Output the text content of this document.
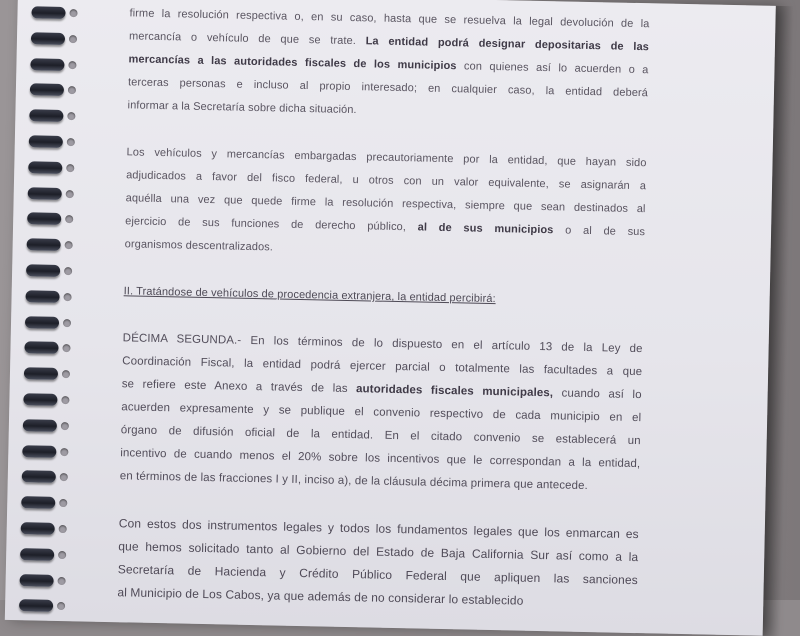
firme la resolución respectiva o, en su caso, hasta que se resuelva la legal devolución de la
mercancía o vehículo de que se trate. La entidad podrá designar depositarias de las
mercancías a las autoridades fiscales de los municipios con quienes así lo acuerden o a
terceras personas e incluso al propio interesado; en cualquier caso, la entidad deberá
informar a la Secretaría sobre dicha situación.
Los vehículos y mercancías embargadas precautoriamente por la entidad, que hayan sido
adjudicados a favor del fisco federal, u otros con un valor equivalente, se asignarán a
aquélla una vez que quede firme la resolución respectiva, siempre que sean destinados al
ejercicio de sus funciones de derecho público, al de sus municipios o al de sus
organismos descentralizados.
II. Tratándose de vehículos de procedencia extranjera, la entidad percibirá:
DÉCIMA SEGUNDA.- En los términos de lo dispuesto en el artículo 13 de la Ley de
Coordinación Fiscal, la entidad podrá ejercer parcial o totalmente las facultades a que
se refiere este Anexo a través de las autoridades fiscales municipales, cuando así lo
acuerden expresamente y se publique el convenio respectivo de cada municipio en el
órgano de difusión oficial de la entidad. En el citado convenio se establecerá un
incentivo de cuando menos el 20% sobre los incentivos que le correspondan a la entidad,
en términos de las fracciones I y II, inciso a), de la cláusula décima primera que antecede.
Con estos dos instrumentos legales y todos los fundamentos legales que los enmarcan es
que hemos solicitado tanto al Gobierno del Estado de Baja California Sur así como a la
Secretaría de Hacienda y Crédito Público Federal que apliquen las sanciones
al Municipio de Los Cabos, ya que además de no considerar lo establecido
